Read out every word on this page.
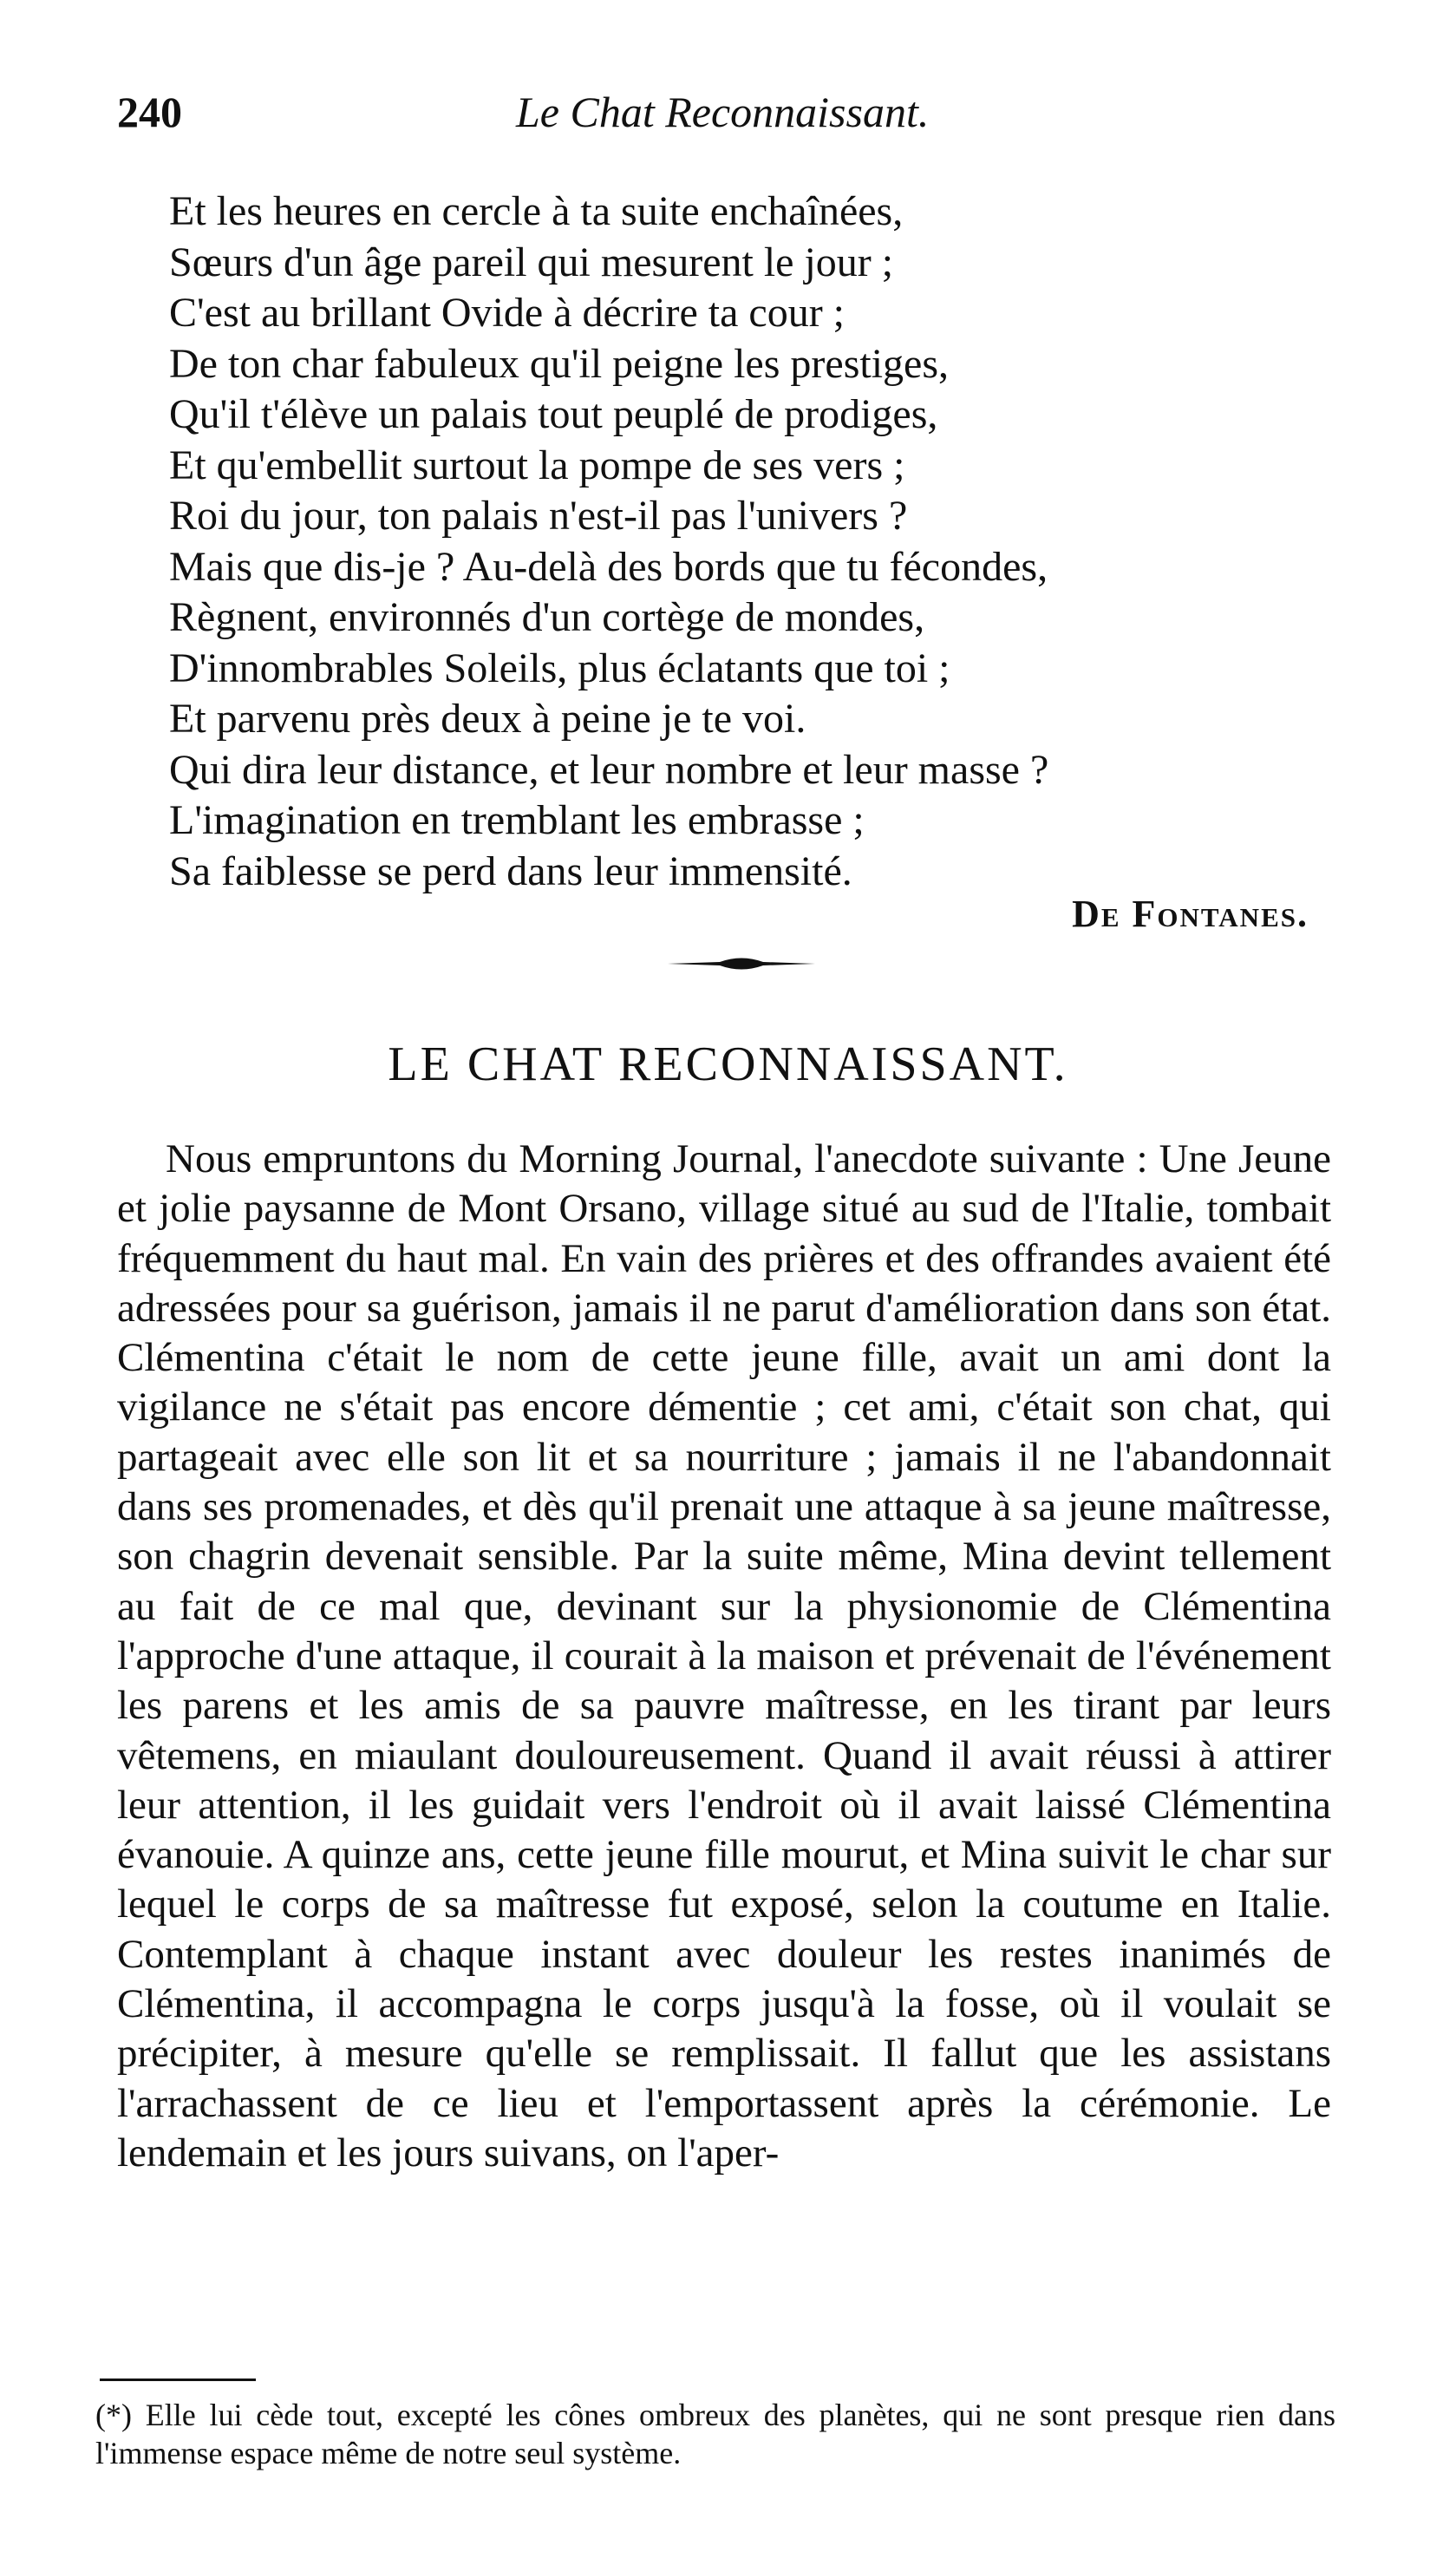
240	Le Chat Reconnaissant.
Et les heures en cercle à ta suite enchaînées,
Sœurs d'un âge pareil qui mesurent le jour ;
C'est au brillant Ovide à décrire ta cour ;
De ton char fabuleux qu'il peigne les prestiges,
Qu'il t'élève un palais tout peuplé de prodiges,
Et qu'embellit surtout la pompe de ses vers ;
Roi du jour, ton palais n'est-il pas l'univers ?
Mais que dis-je ? Au-delà des bords que tu fécondes,
Règnent, environnés d'un cortège de mondes,
D'innombrables Soleils, plus éclatants que toi ;
Et parvenu près deux à peine je te voi.
Qui dira leur distance, et leur nombre et leur masse ?
L'imagination en tremblant les embrasse ;
Sa faiblesse se perd dans leur immensité.
De Fontanes.
LE CHAT RECONNAISSANT.
Nous empruntons du Morning Journal, l'anecdote suivante : Une Jeune et jolie paysanne de Mont Orsano, village situé au sud de l'Italie, tombait fréquemment du haut mal. En vain des prières et des offrandes avaient été adressées pour sa guérison, jamais il ne parut d'amélioration dans son état. Clémentina c'était le nom de cette jeune fille, avait un ami dont la vigilance ne s'était pas encore démentie ; cet ami, c'était son chat, qui partageait avec elle son lit et sa nourriture ; jamais il ne l'abandonnait dans ses promenades, et dès qu'il prenait une attaque à sa jeune maîtresse, son chagrin devenait sensible. Par la suite même, Mina devint tellement au fait de ce mal que, devinant sur la physionomie de Clémentina l'approche d'une attaque, il courait à la maison et prévenait de l'événement les parens et les amis de sa pauvre maîtresse, en les tirant par leurs vêtemens, en miaulant douloureusement. Quand il avait réussi à attirer leur attention, il les guidait vers l'endroit où il avait laissé Clémentina évanouie. A quinze ans, cette jeune fille mourut, et Mina suivit le char sur lequel le corps de sa maîtresse fut exposé, selon la coutume en Italie. Contemplant à chaque instant avec douleur les restes inanimés de Clémentina, il accompagna le corps jusqu'à la fosse, où il voulait se précipiter, à mesure qu'elle se remplissait. Il fallut que les assistans l'arrachassent de ce lieu et l'emportassent après la cérémonie. Le lendemain et les jours suivans, on l'aper-
(*) Elle lui cède tout, excepté les cônes ombreux des planètes, qui ne sont presque rien dans l'immense espace même de notre seul système.
